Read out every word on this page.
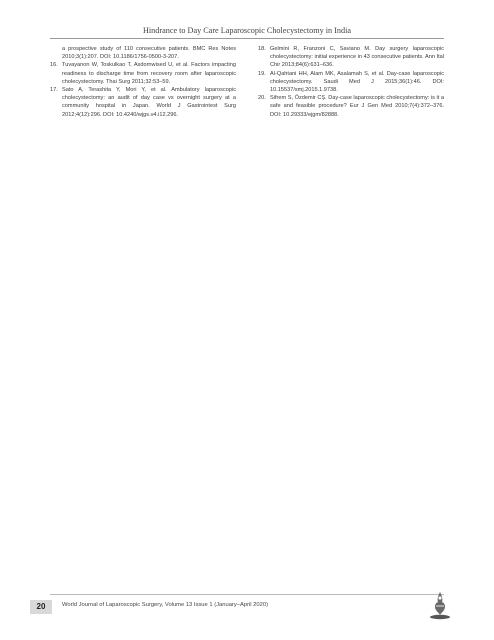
Hindrance to Day Care Laparoscopic Cholecystectomy in India
a prospective study of 110 consecutive patients. BMC Res Notes 2010;3(1):207. DOI: 10.1186/1756-0500-3-207.
16. Tuvayanon W, Toskulkao T, Asdornwised U, et al. Factors impacting readiness to discharge time from recovery room after laparoscopic cholecystectomy. Thai Surg 2011;32:53–59.
17. Sato A, Terashita Y, Mori Y, et al. Ambulatory laparoscopic cholecystectomy: an audit of day case vs overnight surgery at a community hospital in Japan. World J Gastrointest Surg 2012;4(12):296. DOI: 10.4240/wjgs.v4.i12.296.
18. Gelmini R, Franzoni C, Saviano M. Day surgery laparoscopic cholecystectomy: initial experience in 43 consecutive patients. Ann Ital Chir 2013;84(6):631–636.
19. Al-Qahtani HH, Alam MK, Asalamah S, et al. Day-case laparoscopic cholecystectomy. Saudi Med J 2015;36(1):46. DOI: 10.15537/smj.2015.1.9738.
20. Sifrem S, Özdemir CŞ. Day-case laparoscopic cholecystectomy: is it a safe and feasible procedure? Eur J Gen Med 2010;7(4):372–376. DOI: 10.29333/ejgm/82888.
20	World Journal of Laparoscopic Surgery, Volume 13 Issue 1 (January–April 2020)
